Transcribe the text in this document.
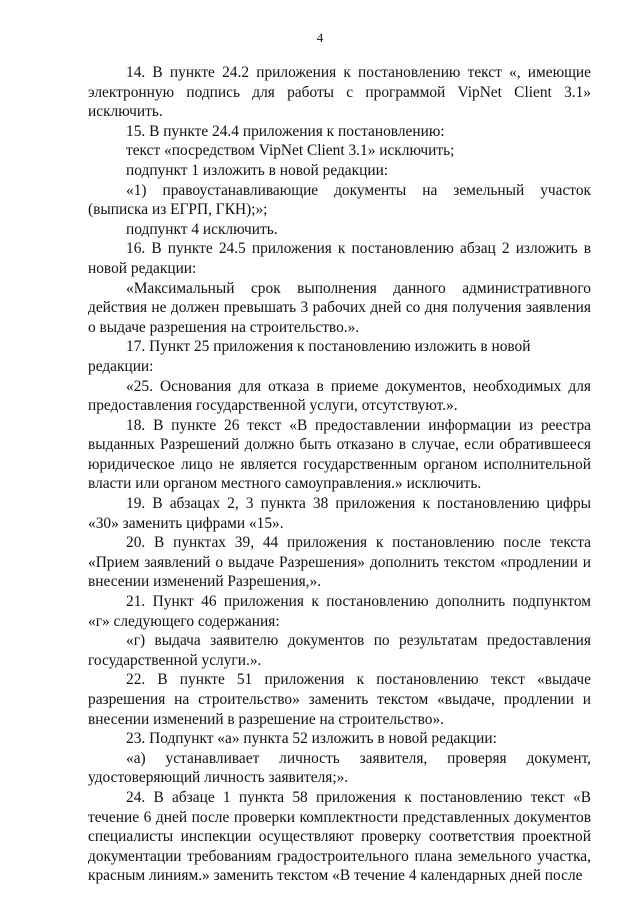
4

14. В пункте 24.2 приложения к постановлению текст «, имеющие электронную подпись для работы с программой VipNet Client 3.1» исключить.

15. В пункте 24.4 приложения к постановлению:

текст «посредством VipNet Client 3.1» исключить;

подпункт 1 изложить в новой редакции:

«1) правоустанавливающие документы на земельный участок (выписка из ЕГРП, ГКН);»;

подпункт 4 исключить.

16. В пункте 24.5 приложения к постановлению абзац 2 изложить в новой редакции:

«Максимальный срок выполнения данного административного действия не должен превышать 3 рабочих дней со дня получения заявления о выдаче разрешения на строительство.».

17. Пункт 25 приложения к постановлению изложить в новой редакции:

«25. Основания для отказа в приеме документов, необходимых для предоставления государственной услуги, отсутствуют.».

18. В пункте 26 текст «В предоставлении информации из реестра выданных Разрешений должно быть отказано в случае, если обратившееся юридическое лицо не является государственным органом исполнительной власти или органом местного самоуправления.» исключить.

19. В абзацах 2, 3 пункта 38 приложения к постановлению цифры «30» заменить цифрами «15».

20. В пунктах 39, 44 приложения к постановлению после текста «Прием заявлений о выдаче Разрешения» дополнить текстом «продлении и внесении изменений Разрешения,».

21. Пункт 46 приложения к постановлению дополнить подпунктом «г» следующего содержания:

«г) выдача заявителю документов по результатам предоставления государственной услуги.».

22. В пункте 51 приложения к постановлению текст «выдаче разрешения на строительство» заменить текстом «выдаче, продлении и внесении изменений в разрешение на строительство».

23. Подпункт «а» пункта 52 изложить в новой редакции:

«а) устанавливает личность заявителя, проверяя документ, удостоверяющий личность заявителя;».

24. В абзаце 1 пункта 58 приложения к постановлению текст «В течение 6 дней после проверки комплектности представленных документов специалисты инспекции осуществляют проверку соответствия проектной документации требованиям градостроительного плана земельного участка, красным линиям.» заменить текстом «В течение 4 календарных дней после
